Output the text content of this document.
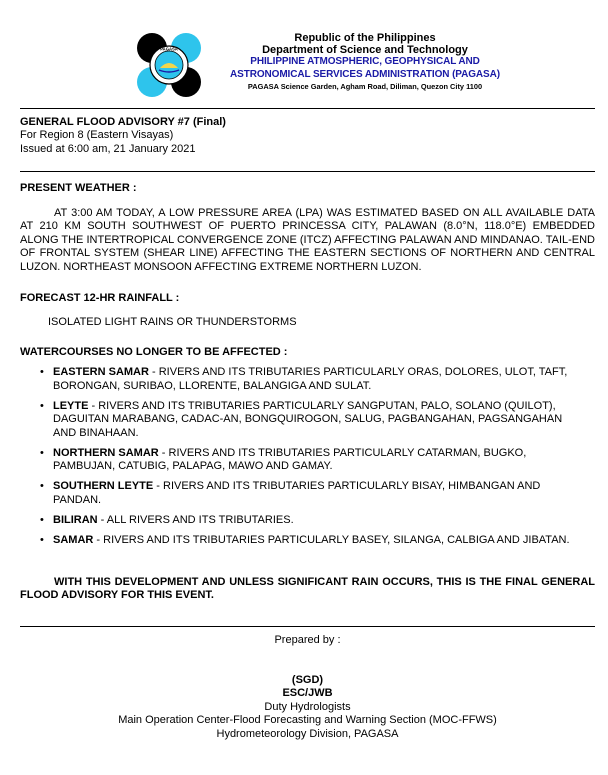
PAGASA
Republic of the Philippines
Department of Science and Technology
PHILIPPINE ATMOSPHERIC, GEOPHYSICAL AND
ASTRONOMICAL SERVICES ADMINISTRATION (PAGASA)
PAGASA Science Garden, Agham Road, Diliman, Quezon City 1100
GENERAL FLOOD ADVISORY #7 (Final)
For Region 8 (Eastern Visayas)
Issued at 6:00 am, 21 January 2021
PRESENT WEATHER :
AT 3:00 AM TODAY, A LOW PRESSURE AREA (LPA) WAS ESTIMATED BASED ON ALL AVAILABLE DATA AT 210 KM SOUTH SOUTHWEST OF PUERTO PRINCESSA CITY, PALAWAN (8.0°N, 118.0°E) EMBEDDED ALONG THE INTERTROPICAL CONVERGENCE ZONE (ITCZ) AFFECTING PALAWAN AND MINDANAO. TAIL-END OF FRONTAL SYSTEM (SHEAR LINE) AFFECTING THE EASTERN SECTIONS OF NORTHERN AND CENTRAL LUZON. NORTHEAST MONSOON AFFECTING EXTREME NORTHERN LUZON.
FORECAST 12-HR RAINFALL :
ISOLATED LIGHT RAINS OR THUNDERSTORMS
WATERCOURSES NO LONGER TO BE AFFECTED :
• EASTERN SAMAR - RIVERS AND ITS TRIBUTARIES PARTICULARLY ORAS, DOLORES, ULOT, TAFT, BORONGAN, SURIBAO, LLORENTE, BALANGIGA AND SULAT.
• LEYTE - RIVERS AND ITS TRIBUTARIES PARTICULARLY SANGPUTAN, PALO, SOLANO (QUILOT), DAGUITAN MARABANG, CADAC-AN, BONGQUIROGON, SALUG, PAGBANGAHAN, PAGSANGAHAN AND BINAHAAN.
• NORTHERN SAMAR - RIVERS AND ITS TRIBUTARIES PARTICULARLY CATARMAN, BUGKO, PAMBUJAN, CATUBIG, PALAPAG, MAWO AND GAMAY.
• SOUTHERN LEYTE - RIVERS AND ITS TRIBUTARIES PARTICULARLY BISAY, HIMBANGAN AND PANDAN.
• BILIRAN - ALL RIVERS AND ITS TRIBUTARIES.
• SAMAR - RIVERS AND ITS TRIBUTARIES PARTICULARLY BASEY, SILANGA, CALBIGA AND JIBATAN.
WITH THIS DEVELOPMENT AND UNLESS SIGNIFICANT RAIN OCCURS, THIS IS THE FINAL GENERAL FLOOD ADVISORY FOR THIS EVENT.
Prepared by :
(SGD)
ESC/JWB
Duty Hydrologists
Main Operation Center-Flood Forecasting and Warning Section (MOC-FFWS)
Hydrometeorology Division, PAGASA
